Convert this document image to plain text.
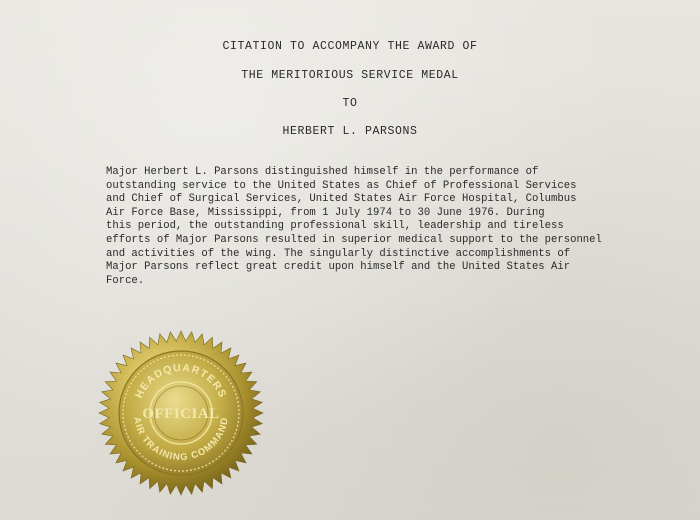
CITATION TO ACCOMPANY THE AWARD OF
THE MERITORIOUS SERVICE MEDAL
TO
HERBERT L. PARSONS

Major Herbert L. Parsons distinguished himself in the performance of
outstanding service to the United States as Chief of Professional Services
and Chief of Surgical Services, United States Air Force Hospital, Columbus
Air Force Base, Mississippi, from 1 July 1974 to 30 June 1976. During
this period, the outstanding professional skill, leadership and tireless
efforts of Major Parsons resulted in superior medical support to the personnel
and activities of the wing. The singularly distinctive accomplishments of
Major Parsons reflect great credit upon himself and the United States Air
Force.

HEADQUARTERS
OFFICIAL
AIR TRAINING COMMAND
